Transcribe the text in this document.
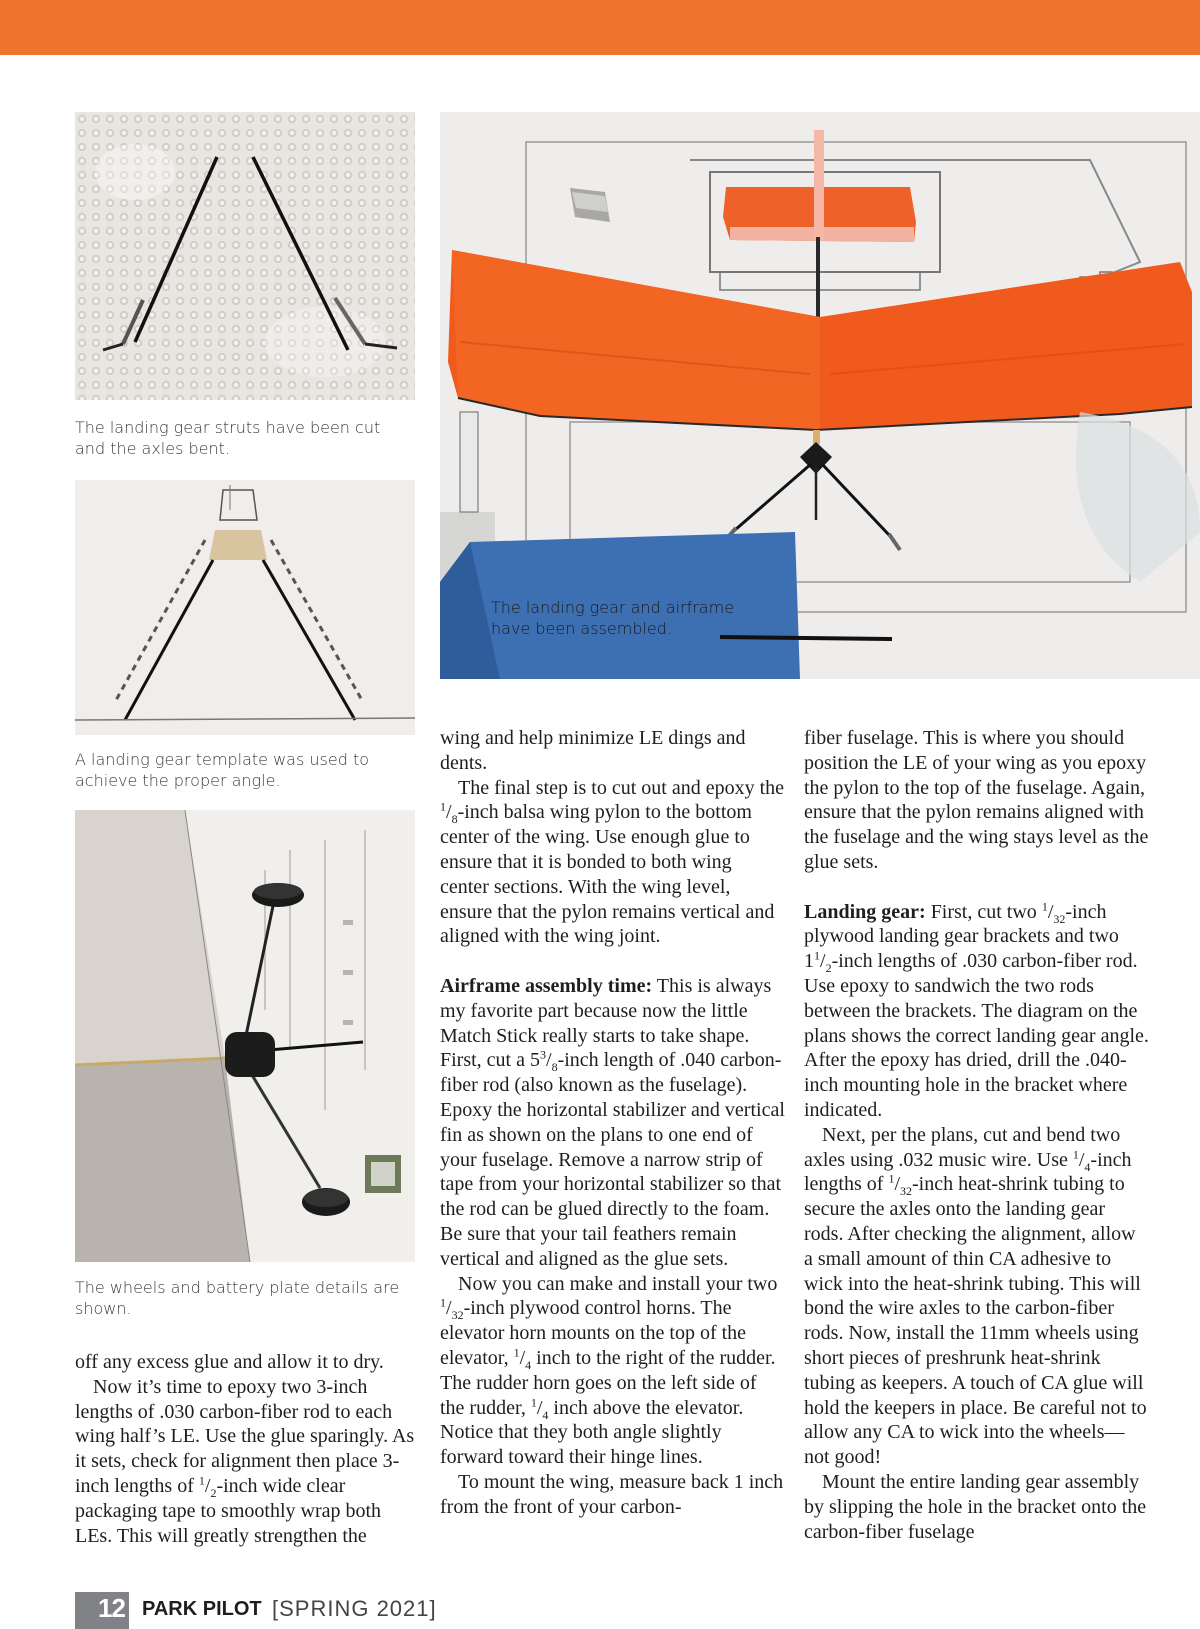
The landing gear struts have been cut and the axles bent.
A landing gear template was used to achieve the proper angle.
The wheels and battery plate details are shown.
The landing gear and airframe
have been assembled.

off any excess glue and allow it to dry.

Now it’s time to epoxy two 3-inch lengths of .030 carbon-fiber rod to each wing half’s LE. Use the glue sparingly. As it sets, check for alignment then place 3-inch lengths of $^1/_2$-inch wide clear packaging tape to smoothly wrap both LEs. This will greatly strengthen the

wing and help minimize LE dings and dents.

The final step is to cut out and epoxy the $^1/_8$-inch balsa wing pylon to the bottom center of the wing. Use enough glue to ensure that it is bonded to both wing center sections. With the wing level, ensure that the pylon remains vertical and aligned with the wing joint.

Airframe assembly time: This is always my favorite part because now the little Match Stick really starts to take shape. First, cut a $5^3/_8$-inch length of .040 carbon-fiber rod (also known as the fuselage). Epoxy the horizontal stabilizer and vertical fin as shown on the plans to one end of your fuselage. Remove a narrow strip of tape from your horizontal stabilizer so that the rod can be glued directly to the foam. Be sure that your tail feathers remain vertical and aligned as the glue sets.

Now you can make and install your two $^1/_{32}$-inch plywood control horns. The elevator horn mounts on the top of the elevator, $^1/_4$ inch to the right of the rudder. The rudder horn goes on the left side of the rudder, $^1/_4$ inch above the elevator. Notice that they both angle slightly forward toward their hinge lines.

To mount the wing, measure back 1 inch from the front of your carbon-

fiber fuselage. This is where you should position the LE of your wing as you epoxy the pylon to the top of the fuselage. Again, ensure that the pylon remains aligned with the fuselage and the wing stays level as the glue sets.

Landing gear: First, cut two $^1/_{32}$-inch plywood landing gear brackets and two $1^1/_2$-inch lengths of .030 carbon-fiber rod. Use epoxy to sandwich the two rods between the brackets. The diagram on the plans shows the correct landing gear angle. After the epoxy has dried, drill the .040-inch mounting hole in the bracket where indicated.

Next, per the plans, cut and bend two axles using .032 music wire. Use $^1/_4$-inch lengths of $^1/_{32}$-inch heat-shrink tubing to secure the axles onto the landing gear rods. After checking the alignment, allow a small amount of thin CA adhesive to wick into the heat-shrink tubing. This will bond the wire axles to the carbon-fiber rods. Now, install the 11mm wheels using short pieces of preshrunk heat-shrink tubing as keepers. A touch of CA glue will hold the keepers in place. Be careful not to allow any CA to wick into the wheels—not good!

Mount the entire landing gear assembly by slipping the hole in the bracket onto the carbon-fiber fuselage

12 PARK PILOT [SPRING 2021]
